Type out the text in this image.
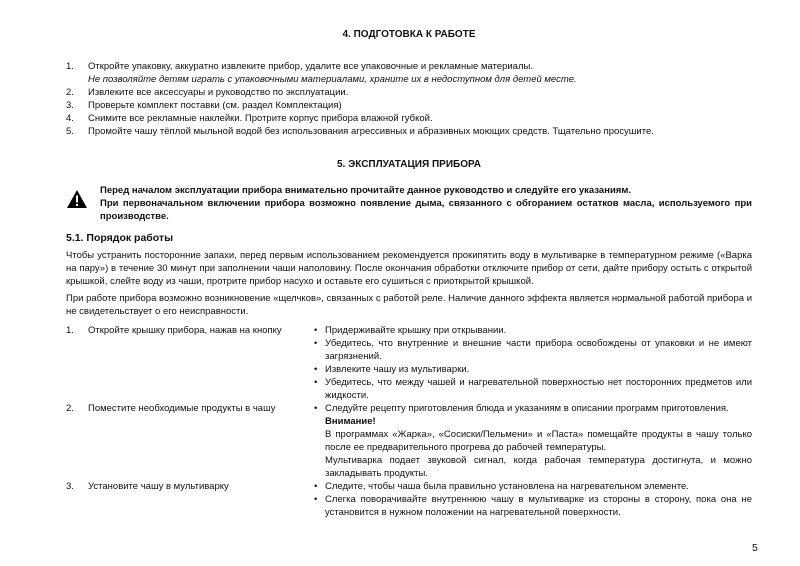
4. ПОДГОТОВКА К РАБОТЕ
1.	Откройте упаковку, аккуратно извлеките прибор, удалите все упаковочные и рекламные материалы.
Не позволяйте детям играть с упаковочными материалами, храните их в недоступном для детей месте.
2.	Извлеките все аксессуары и руководство по эксплуатации.
3.	Проверьте комплект поставки (см. раздел Комплектация)
4.	Снимите все рекламные наклейки. Протрите корпус прибора влажной губкой.
5.	Промойте чашу тёплой мыльной водой без использования агрессивных и абразивных моющих средств. Тщательно просушите.
5. ЭКСПЛУАТАЦИЯ ПРИБОРА
Перед началом эксплуатации прибора внимательно прочитайте данное руководство и следуйте его указаниям.
При первоначальном включении прибора возможно появление дыма, связанного с обгоранием остатков масла, используемого при производстве.
5.1. Порядок работы
Чтобы устранить посторонние запахи, перед первым использованием рекомендуется прокипятить воду в мультиварке в температурном режиме («Варка на пару») в течение 30 минут при заполнении чаши наполовину. После окончания обработки отключите прибор от сети, дайте прибору остыть с открытой крышкой, слейте воду из чаши, протрите прибор насухо и оставьте его сушиться с приоткрытой крышкой.
При работе прибора возможно возникновение «щелчков», связанных с работой реле. Наличие данного эффекта является нормальной работой прибора и не свидетельствует о его неисправности.
1.	Откройте крышку прибора, нажав на кнопку	• Придерживайте крышку при открывании.
• Убедитесь, что внутренние и внешние части прибора освобождены от упаковки и не имеют загрязнений.
• Извлеките чашу из мультиварки.
• Убедитесь, что между чашей и нагревательной поверхностью нет посторонних предметов или жидкости.
2.	Поместите необходимые продукты в чашу	• Следуйте рецепту приготовления блюда и указаниям в описании программ приготовления.
Внимание!
В программах «Жарка», «Сосиски/Пельмени» и «Паста» помещайте продукты в чашу только после ее предварительного прогрева до рабочей температуры.
Мультиварка подает звуковой сигнал, когда рабочая температура достигнута, и можно закладывать продукты.
3.	Установите чашу в мультиварку	• Следите, чтобы чаша была правильно установлена на нагревательном элементе.
• Слегка поворачивайте внутреннюю чашу в мультиварке из стороны в сторону, пока она не установится в нужном положении на нагревательной поверхности.
5
